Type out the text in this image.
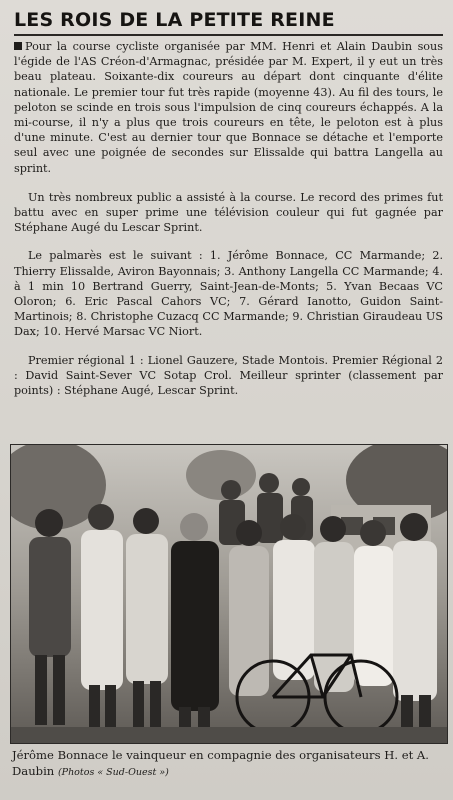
LES ROIS DE LA PETITE REINE

Pour la course cycliste organisée par MM. Henri et Alain Daubin sous l'égide de l'AS Créon-d'Armagnac, présidée par M. Expert, il y eut un très beau plateau. Soixante-dix coureurs au départ dont cinquante d'élite nationale. Le premier tour fut très rapide (moyenne 43). Au fil des tours, le peloton se scinde en trois sous l'impulsion de cinq coureurs échappés. A la mi-course, il n'y a plus que trois coureurs en tête, le peloton est à plus d'une minute. C'est au dernier tour que Bonnace se détache et l'emporte seul avec une poignée de secondes sur Elissalde qui battra Langella au sprint.

Un très nombreux public a assisté à la course. Le record des primes fut battu avec en super prime une télévision couleur qui fut gagnée par Stéphane Augé du Lescar Sprint.

Le palmarès est le suivant : 1. Jérôme Bonnace, CC Marmande; 2. Thierry Elissalde, Aviron Bayonnais; 3. Anthony Langella CC Marmande; 4. à 1 min 10 Bertrand Guerry, Saint-Jean-de-Monts; 5. Yvan Becaas VC Oloron; 6. Eric Pascal Cahors VC; 7. Gérard Ianotto, Guidon Saint-Martinois; 8. Christophe Cuzacq CC Marmande; 9. Christian Giraudeau US Dax; 10. Hervé Marsac VC Niort.

Premier régional 1 : Lionel Gauzere, Stade Montois. Premier Régional 2 : David Saint-Sever VC Sotap Crol. Meilleur sprinter (classement par points) : Stéphane Augé, Lescar Sprint.

Jérôme Bonnace le vainqueur en compagnie des organisateurs H. et A. Daubin (Photos « Sud-Ouest »)
